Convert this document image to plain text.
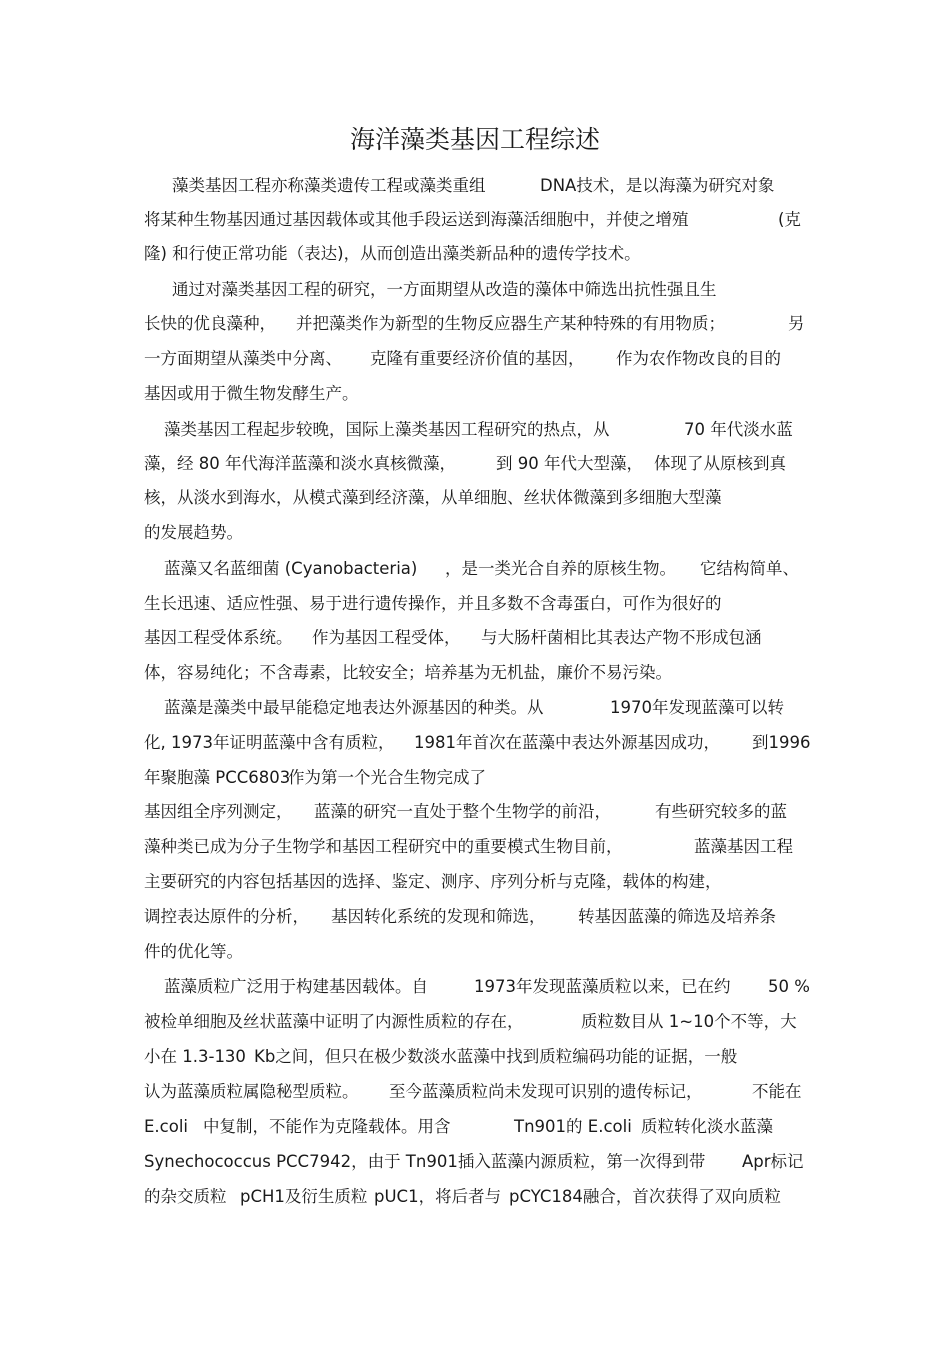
海洋藻类基因工程综述
藻类基因工程亦称藻类遗传工程或藻类重组	DNA技术，是以海藻为研究对象
将某种生物基因通过基因载体或其他手段运送到海藻活细胞中，并使之增殖	(克
隆) 和行使正常功能（表达)，从而创造出藻类新品种的遗传学技术。
通过对藻类基因工程的研究，一方面期望从改造的藻体中筛选出抗性强且生
长快的优良藻种， 并把藻类作为新型的生物反应器生产某种特殊的有用物质；	另
一方面期望从藻类中分离、 克隆有重要经济价值的基因， 作为农作物改良的目的
基因或用于微生物发酵生产。
藻类基因工程起步较晚，国际上藻类基因工程研究的热点，从	70 年代淡水蓝
藻，经 80 年代海洋蓝藻和淡水真核微藻， 到 90 年代大型藻， 体现了从原核到真
核，从淡水到海水，从模式藻到经济藻，从单细胞、丝状体微藻到多细胞大型藻
的发展趋势。
蓝藻又名蓝细菌 (Cyanobacteria) ，是一类光合自养的原核生物。 它结构简单、
生长迅速、适应性强、易于进行遗传操作，并且多数不含毒蛋白，可作为很好的
基因工程受体系统。 作为基因工程受体， 与大肠杆菌相比其表达产物不形成包涵
体，容易纯化；不含毒素，比较安全；培养基为无机盐，廉价不易污染。
蓝藻是藻类中最早能稳定地表达外源基因的种类。从	1970年发现蓝藻可以转
化, 1973年证明蓝藻中含有质粒， 1981年首次在蓝藻中表达外源基因成功， 到1996
年聚胞藻 PCC6803
作为第一个光合生物完成了
基因组全序列测定， 蓝藻的研究一直处于整个生物学的前沿，	有些研究较多的蓝
藻种类已成为分子生物学和基因工程研究中的重要模式生物目前，	蓝藻基因工程
主要研究的内容包括基因的选择、鉴定、测序、序列分析与克隆，载体的构建，
调控表达原件的分析， 基因转化系统的发现和筛选， 转基因蓝藻的筛选及培养条
件的优化等。
蓝藻质粒广泛用于构建基因载体。自	1973年发现蓝藻质粒以来，已在约 50 %
被检单细胞及丝状蓝藻中证明了内源性质粒的存在，	质粒数目从 1~10个不等，大
小在 1.3-130 Kb之间，但只在极少数淡水蓝藻中找到质粒编码功能的证据，一般
认为蓝藻质粒属隐秘型质粒。 至今蓝藻质粒尚未发现可识别的遗传标记，	不能在
E.coli 中复制，不能作为克隆载体。用含	Tn901的 E.coli 质粒转化淡水蓝藻
Synechococcus PCC7942，由于 Tn901插入蓝藻内源质粒，第一次得到带 Apr标记
的杂交质粒 pCH1及衍生质粒 pUC1，将后者与 pCYC184融合，首次获得了双向质粒
